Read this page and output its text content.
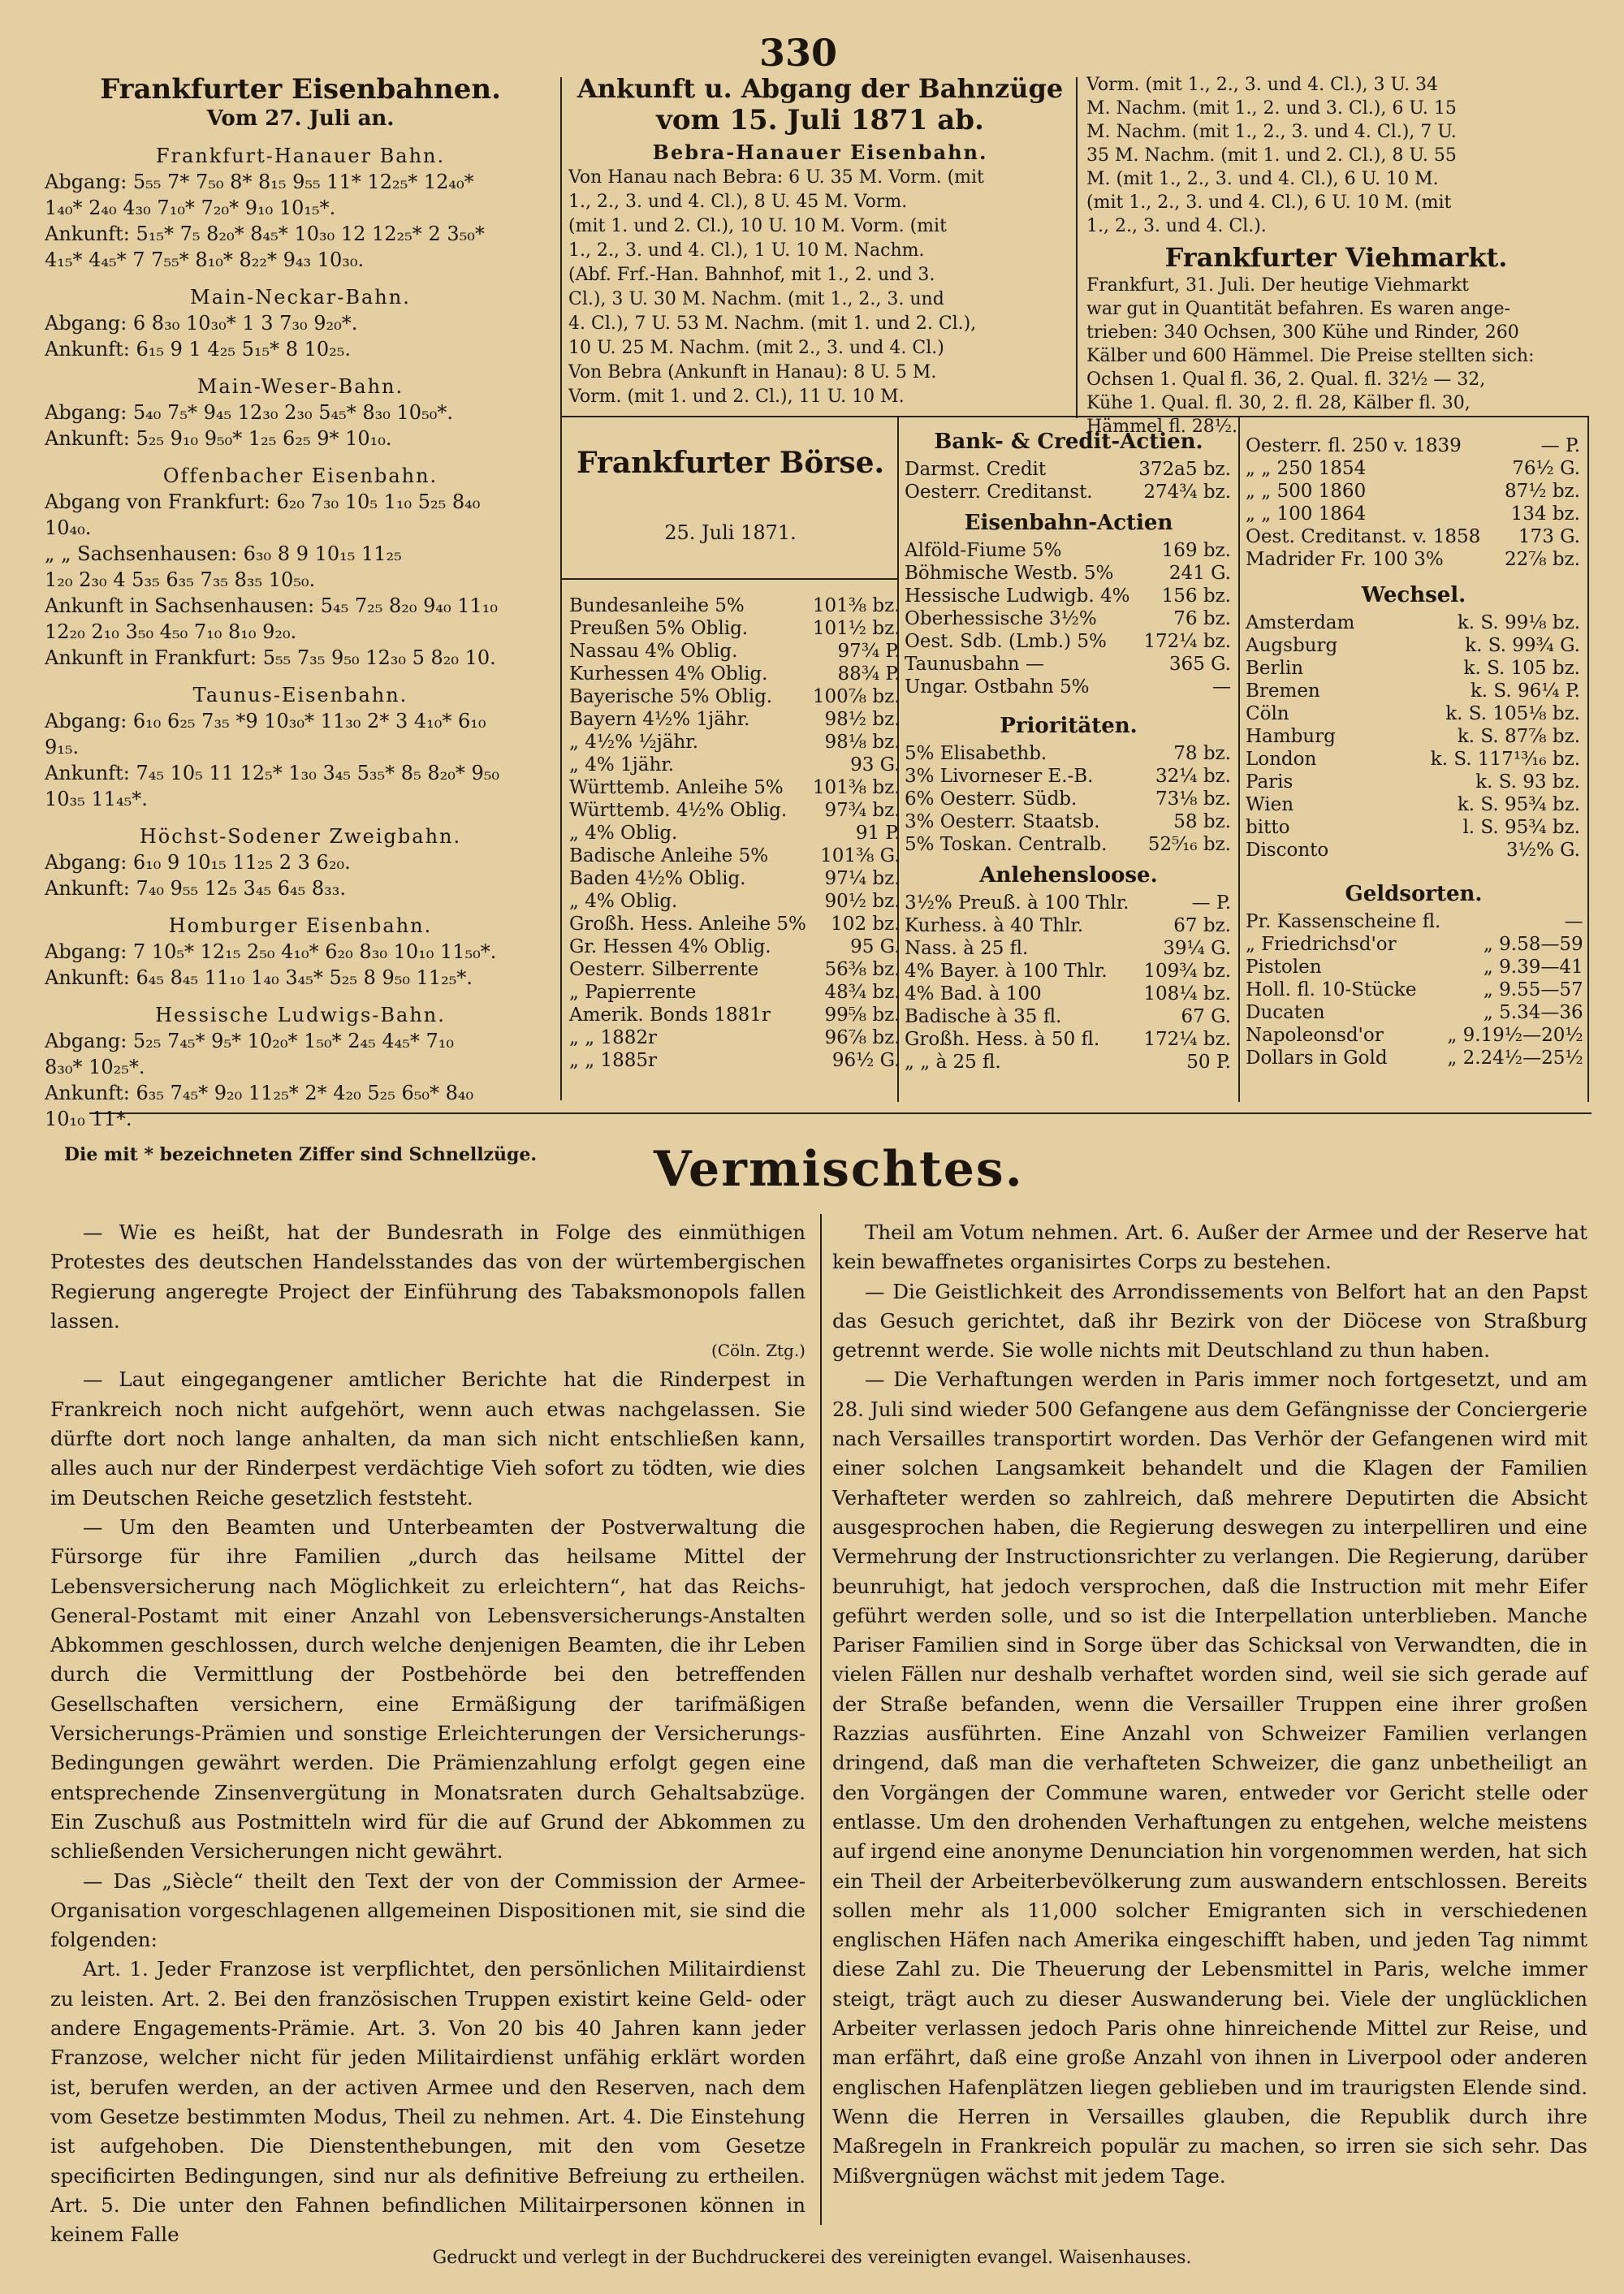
330
Frankfurter Eisenbahnen.
Vom 27. Juli an.
Frankfurt-Hanauer Bahn.
Abgang: 5₅₅ 7* 7₅₀ 8* 8₁₅ 9₅₅ 11* 12₂₅* 12₄₀*
1₄₀* 2₄₀ 4₃₀ 7₁₀* 7₂₀* 9₁₀ 10₁₅*.
Ankunft: 5₁₅* 7₅ 8₂₀* 8₄₅* 10₃₀ 12 12₂₅* 2 3₅₀*
4₁₅* 4₄₅* 7 7₅₅* 8₁₀* 8₂₂* 9₄₃ 10₃₀.
Main-Neckar-Bahn.
Abgang: 6 8₃₀ 10₃₀* 1 3 7₃₀ 9₂₀*.
Ankunft: 6₁₅ 9 1 4₂₅ 5₁₅* 8 10₂₅.
Main-Weser-Bahn.
Abgang: 5₄₀ 7₅* 9₄₅ 12₃₀ 2₃₀ 5₄₅* 8₃₀ 10₅₀*.
Ankunft: 5₂₅ 9₁₀ 9₅₀* 1₂₅ 6₂₅ 9* 10₁₀.
Offenbacher Eisenbahn.
Abgang von Frankfurt: 6₂₀ 7₃₀ 10₅ 1₁₀ 5₂₅ 8₄₀
10₄₀.
„ „ Sachsenhausen: 6₃₀ 8 9 10₁₅ 11₂₅
1₂₀ 2₃₀ 4 5₃₅ 6₃₅ 7₃₅ 8₃₅ 10₅₀.
Ankunft in Sachsenhausen: 5₄₅ 7₂₅ 8₂₀ 9₄₀ 11₁₀
12₂₀ 2₁₀ 3₅₀ 4₅₀ 7₁₀ 8₁₀ 9₂₀.
Ankunft in Frankfurt: 5₅₅ 7₃₅ 9₅₀ 12₃₀ 5 8₂₀ 10.
Taunus-Eisenbahn.
Abgang: 6₁₀ 6₂₅ 7₃₅ *9 10₃₀* 11₃₀ 2* 3 4₁₀* 6₁₀
9₁₅.
Ankunft: 7₄₅ 10₅ 11 12₅* 1₃₀ 3₄₅ 5₃₅* 8₅ 8₂₀* 9₅₀
10₃₅ 11₄₅*.
Höchst-Sodener Zweigbahn.
Abgang: 6₁₀ 9 10₁₅ 11₂₅ 2 3 6₂₀.
Ankunft: 7₄₀ 9₅₅ 12₅ 3₄₅ 6₄₅ 8₃₃.
Homburger Eisenbahn.
Abgang: 7 10₅* 12₁₅ 2₅₀ 4₁₀* 6₂₀ 8₃₀ 10₁₀ 11₅₀*.
Ankunft: 6₄₅ 8₄₅ 11₁₀ 1₄₀ 3₄₅* 5₂₅ 8 9₅₀ 11₂₅*.
Hessische Ludwigs-Bahn.
Abgang: 5₂₅ 7₄₅* 9₅* 10₂₀* 1₅₀* 2₄₅ 4₄₅* 7₁₀
8₃₀* 10₂₅*.
Ankunft: 6₃₅ 7₄₅* 9₂₀ 11₂₅* 2* 4₂₀ 5₂₅ 6₅₀* 8₄₀
10₁₀ 11*.
Die mit * bezeichneten Ziffer sind Schnellzüge.
Ankunft u. Abgang der Bahnzüge
vom 15. Juli 1871 ab.
Bebra-Hanauer Eisenbahn.
Von Hanau nach Bebra: 6 U. 35 M. Vorm. (mit
1., 2., 3. und 4. Cl.), 8 U. 45 M. Vorm.
(mit 1. und 2. Cl.), 10 U. 10 M. Vorm. (mit
1., 2., 3. und 4. Cl.), 1 U. 10 M. Nachm.
(Abf. Frf.-Han. Bahnhof, mit 1., 2. und 3.
Cl.), 3 U. 30 M. Nachm. (mit 1., 2., 3. und
4. Cl.), 7 U. 53 M. Nachm. (mit 1. und 2. Cl.),
10 U. 25 M. Nachm. (mit 2., 3. und 4. Cl.)
Von Bebra (Ankunft in Hanau): 8 U. 5 M.
Vorm. (mit 1. und 2. Cl.), 11 U. 10 M.
Vorm. (mit 1., 2., 3. und 4. Cl.), 3 U. 34
M. Nachm. (mit 1., 2. und 3. Cl.), 6 U. 15
M. Nachm. (mit 1., 2., 3. und 4. Cl.), 7 U.
35 M. Nachm. (mit 1. und 2. Cl.), 8 U. 55
M. (mit 1., 2., 3. und 4. Cl.), 6 U. 10 M.
(mit 1., 2., 3. und 4. Cl.), 6 U. 10 M. (mit
1., 2., 3. und 4. Cl.).
Frankfurter Viehmarkt.
Frankfurt, 31. Juli. Der heutige Viehmarkt
war gut in Quantität befahren. Es waren ange-
trieben: 340 Ochsen, 300 Kühe und Rinder, 260
Kälber und 600 Hämmel. Die Preise stellten sich:
Ochsen 1. Qual fl. 36, 2. Qual. fl. 32½ — 32,
Kühe 1. Qual. fl. 30, 2. fl. 28, Kälber fl. 30,
Hämmel fl. 28½.
Frankfurter Börse.
25. Juli 1871.
Bundesanleihe 5%	101⅜ bz.
Preußen 5% Oblig.	101½ bz.
Nassau 4% Oblig.	97¾ P.
Kurhessen 4% Oblig.	88¾ P.
Bayerische 5% Oblig.	100⅞ bz.
Bayern 4½% 1jähr.	98½ bz.
„ 4½% ½jähr.	98⅛ bz.
„ 4% 1jähr.	93 G.
Württemb. Anleihe 5%	101⅜ bz.
Württemb. 4½% Oblig.	97¾ bz.
„ 4% Oblig.	91 P.
Badische Anleihe 5%	101⅜ G.
Baden 4½% Oblig.	97¼ bz.
„ 4% Oblig.	90½ bz.
Großh. Hess. Anleihe 5%	102 bz.
Gr. Hessen 4% Oblig.	95 G.
Oesterr. Silberrente	56⅜ bz.
„ Papierrente	48¾ bz.
Amerik. Bonds 1881r	99⅝ bz.
„ „ 1882r	96⅞ bz.
„ „ 1885r	96½ G.
Bank- & Credit-Actien.
Darmst. Credit	372a5 bz.
Oesterr. Creditanst.	274¾ bz.
Eisenbahn-Actien
Alföld-Fiume 5%	169 bz.
Böhmische Westb. 5%	241 G.
Hessische Ludwigb. 4%	156 bz.
Oberhessische 3½%	76 bz.
Oest. Sdb. (Lmb.) 5%	172¼ bz.
Taunusbahn —	365 G.
Ungar. Ostbahn 5%	—
Prioritäten.
5% Elisabethb.	78 bz.
3% Livorneser E.-B.	32¼ bz.
6% Oesterr. Südb.	73⅛ bz.
3% Oesterr. Staatsb.	58 bz.
5% Toskan. Centralb.	52⁵⁄₁₆ bz.
Anlehensloose.
3½% Preuß. à 100 Thlr.	— P.
Kurhess. à 40 Thlr.	67 bz.
Nass. à 25 fl.	39¼ G.
4% Bayer. à 100 Thlr.	109¾ bz.
4% Bad. à 100	108¼ bz.
Badische à 35 fl.	67 G.
Großh. Hess. à 50 fl.	172¼ bz.
„ „ à 25 fl.	50 P.
Oesterr. fl. 250 v. 1839	— P.
„ „ 250 1854	76½ G.
„ „ 500 1860	87½ bz.
„ „ 100 1864	134 bz.
Oest. Creditanst. v. 1858	173 G.
Madrider Fr. 100 3%	22⅞ bz.
Wechsel.
Amsterdam	k. S. 99⅛ bz.
Augsburg	k. S. 99¾ G.
Berlin	k. S. 105 bz.
Bremen	k. S. 96¼ P.
Cöln	k. S. 105⅛ bz.
Hamburg	k. S. 87⅞ bz.
London	k. S. 117¹³⁄₁₆ bz.
Paris	k. S. 93 bz.
Wien	k. S. 95¾ bz.
bitto	l. S. 95¾ bz.
Disconto	3½% G.
Geldsorten.
Pr. Kassenscheine fl.	—
„ Friedrichsd'or	„ 9.58—59
Pistolen	„ 9.39—41
Holl. fl. 10-Stücke	„ 9.55—57
Ducaten	„ 5.34—36
Napoleonsd'or	„ 9.19½—20½
Dollars in Gold	„ 2.24½—25½
Vermischtes.

— Wie es heißt, hat der Bundesrath in Folge des einmüthigen Protestes des deutschen Handelsstandes das von der würtembergischen Regierung angeregte Project der Einführung des Tabaksmonopols fallen lassen.

(Cöln. Ztg.)

— Laut eingegangener amtlicher Berichte hat die Rinderpest in Frankreich noch nicht aufgehört, wenn auch etwas nachgelassen. Sie dürfte dort noch lange anhalten, da man sich nicht entschließen kann, alles auch nur der Rinderpest verdächtige Vieh sofort zu tödten, wie dies im Deutschen Reiche gesetzlich feststeht.

— Um den Beamten und Unterbeamten der Postverwaltung die Fürsorge für ihre Familien „durch das heilsame Mittel der Lebensversicherung nach Möglichkeit zu erleichtern“, hat das Reichs-General-Postamt mit einer Anzahl von Lebensversicherungs-Anstalten Abkommen geschlossen, durch welche denjenigen Beamten, die ihr Leben durch die Vermittlung der Postbehörde bei den betreffenden Gesellschaften versichern, eine Ermäßigung der tarifmäßigen Versicherungs-Prämien und sonstige Erleichterungen der Versicherungs-Bedingungen gewährt werden. Die Prämienzahlung erfolgt gegen eine entsprechende Zinsenvergütung in Monatsraten durch Gehaltsabzüge. Ein Zuschuß aus Postmitteln wird für die auf Grund der Abkommen zu schließenden Versicherungen nicht gewährt.

— Das „Siècle“ theilt den Text der von der Commission der Armee-Organisation vorgeschlagenen allgemeinen Dispositionen mit, sie sind die folgenden:

Art. 1. Jeder Franzose ist verpflichtet, den persönlichen Militairdienst zu leisten. Art. 2. Bei den französischen Truppen existirt keine Geld- oder andere Engagements-Prämie. Art. 3. Von 20 bis 40 Jahren kann jeder Franzose, welcher nicht für jeden Militairdienst unfähig erklärt worden ist, berufen werden, an der activen Armee und den Reserven, nach dem vom Gesetze bestimmten Modus, Theil zu nehmen. Art. 4. Die Einstehung ist aufgehoben. Die Dienstenthebungen, mit den vom Gesetze specificirten Bedingungen, sind nur als definitive Befreiung zu ertheilen. Art. 5. Die unter den Fahnen befindlichen Militairpersonen können in keinem Falle

Theil am Votum nehmen. Art. 6. Außer der Armee und der Reserve hat kein bewaffnetes organisirtes Corps zu bestehen.

— Die Geistlichkeit des Arrondissements von Belfort hat an den Papst das Gesuch gerichtet, daß ihr Bezirk von der Diöcese von Straßburg getrennt werde. Sie wolle nichts mit Deutschland zu thun haben.

— Die Verhaftungen werden in Paris immer noch fortgesetzt, und am 28. Juli sind wieder 500 Gefangene aus dem Gefängnisse der Conciergerie nach Versailles transportirt worden. Das Verhör der Gefangenen wird mit einer solchen Langsamkeit behandelt und die Klagen der Familien Verhafteter werden so zahlreich, daß mehrere Deputirten die Absicht ausgesprochen haben, die Regierung deswegen zu interpelliren und eine Vermehrung der Instructionsrichter zu verlangen. Die Regierung, darüber beunruhigt, hat jedoch versprochen, daß die Instruction mit mehr Eifer geführt werden solle, und so ist die Interpellation unterblieben. Manche Pariser Familien sind in Sorge über das Schicksal von Verwandten, die in vielen Fällen nur deshalb verhaftet worden sind, weil sie sich gerade auf der Straße befanden, wenn die Versailler Truppen eine ihrer großen Razzias ausführten. Eine Anzahl von Schweizer Familien verlangen dringend, daß man die verhafteten Schweizer, die ganz unbetheiligt an den Vorgängen der Commune waren, entweder vor Gericht stelle oder entlasse. Um den drohenden Verhaftungen zu entgehen, welche meistens auf irgend eine anonyme Denunciation hin vorgenommen werden, hat sich ein Theil der Arbeiterbevölkerung zum auswandern entschlossen. Bereits sollen mehr als 11,000 solcher Emigranten sich in verschiedenen englischen Häfen nach Amerika eingeschifft haben, und jeden Tag nimmt diese Zahl zu. Die Theuerung der Lebensmittel in Paris, welche immer steigt, trägt auch zu dieser Auswanderung bei. Viele der unglücklichen Arbeiter verlassen jedoch Paris ohne hinreichende Mittel zur Reise, und man erfährt, daß eine große Anzahl von ihnen in Liverpool oder anderen englischen Hafenplätzen liegen geblieben und im traurigsten Elende sind. Wenn die Herren in Versailles glauben, die Republik durch ihre Maßregeln in Frankreich populär zu machen, so irren sie sich sehr. Das Mißvergnügen wächst mit jedem Tage.

Gedruckt und verlegt in der Buchdruckerei des vereinigten evangel. Waisenhauses.
